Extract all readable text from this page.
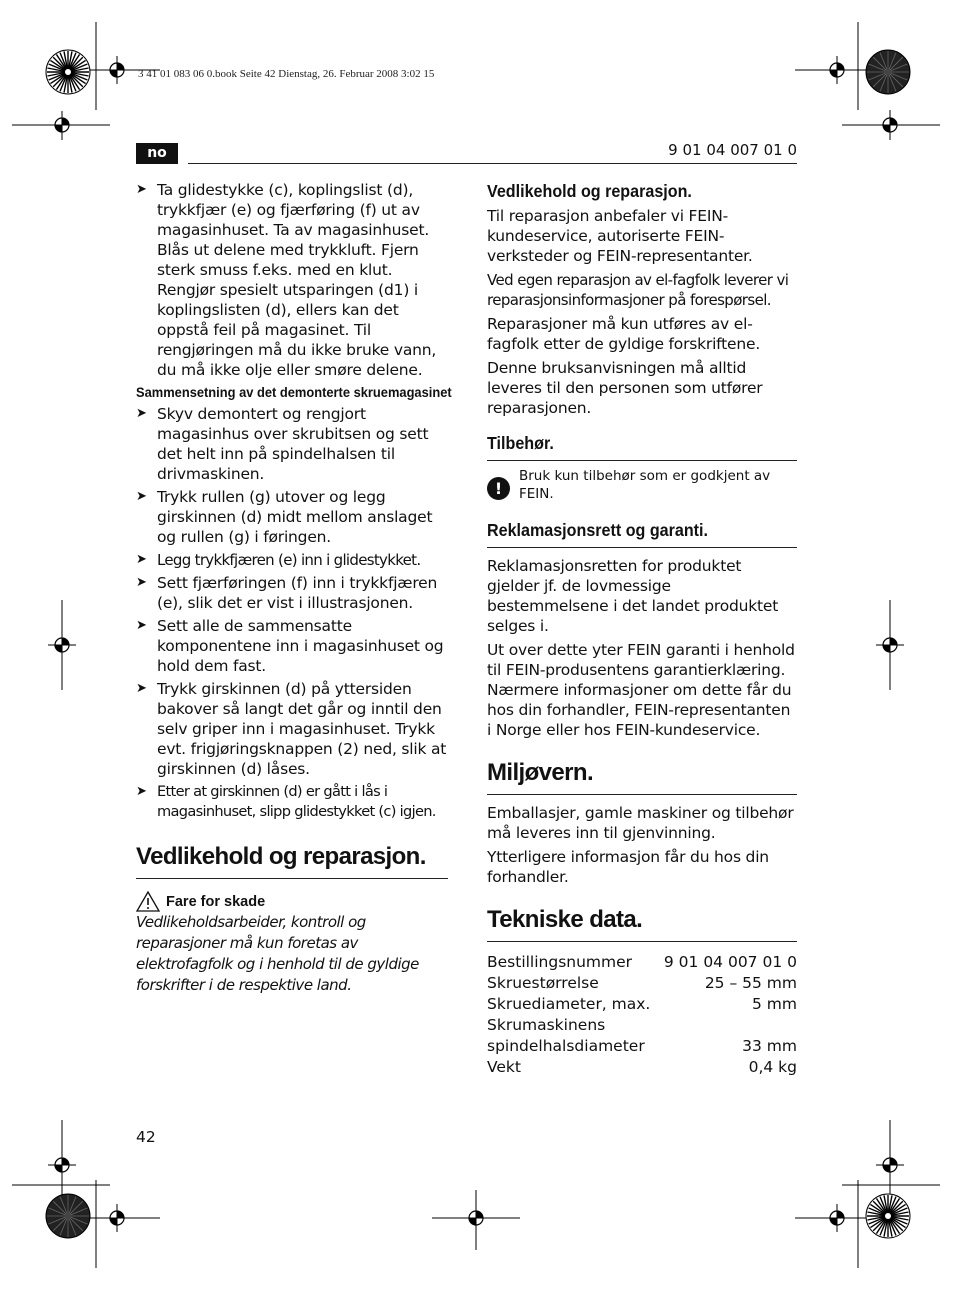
3 41 01 083 06 0.book Seite 42 Dienstag, 26. Februar 2008 3:02 15
no	9 01 04 007 01 0
➤ Ta glidestykke (c), koplingslist (d), trykkfjær (e) og fjærføring (f) ut av magasinhuset. Ta av magasinhuset. Blås ut delene med trykkluft. Fjern sterk smuss f.eks. med en klut. Rengjør spesielt utsparingen (d1) i koplingslisten (d), ellers kan det oppstå feil på magasinet. Til rengjøringen må du ikke bruke vann, du må ikke olje eller smøre delene.
Sammensetning av det demonterte skruemagasinet
➤ Skyv demontert og rengjort magasinhus over skrubitsen og sett det helt inn på spindelhalsen til drivmaskinen.
➤ Trykk rullen (g) utover og legg girskinnen (d) midt mellom anslaget og rullen (g) i føringen.
➤ Legg trykkfjæren (e) inn i glidestykket.
➤ Sett fjærføringen (f) inn i trykkfjæren (e), slik det er vist i illustrasjonen.
➤ Sett alle de sammensatte komponentene inn i magasinhuset og hold dem fast.
➤ Trykk girskinnen (d) på yttersiden bakover så langt det går og inntil den selv griper inn i magasinhuset. Trykk evt. frigjøringsknappen (2) ned, slik at girskinnen (d) låses.
➤ Etter at girskinnen (d) er gått i lås i magasinhuset, slipp glidestykket (c) igjen.
Vedlikehold og reparasjon.
Fare for skade

Vedlikeholdsarbeider, kontroll og reparasjoner må kun foretas av elektrofagfolk og i henhold til de gyldige forskrifter i de respektive land.

Vedlikehold og reparasjon.

Til reparasjon anbefaler vi FEIN-kundeservice, autoriserte FEIN-verksteder og FEIN-representanter.

Ved egen reparasjon av el-fagfolk leverer vi reparasjonsinformasjoner på forespørsel.

Reparasjoner må kun utføres av el-fagfolk etter de gyldige forskriftene.

Denne bruksanvisningen må alltid leveres til den personen som utfører reparasjonen.

Tilbehør.
!
Bruk kun tilbehør som er godkjent av FEIN.
Reklamasjonsrett og garanti.

Reklamasjonsretten for produktet gjelder jf. de lovmessige bestemmelsene i det landet produktet selges i.

Ut over dette yter FEIN garanti i henhold til FEIN-produsentens garantierklæring. Nærmere informasjoner om dette får du hos din forhandler, FEIN-representanten i Norge eller hos FEIN-kundeservice.

Miljøvern.

Emballasjer, gamle maskiner og tilbehør må leveres inn til gjenvinning.

Ytterligere informasjon får du hos din forhandler.

Tekniske data.
Bestillingsnummer	9 01 04 007 01 0
Skruestørrelse	25 – 55 mm
Skruediameter, max.	5 mm
Skrumaskinens spindelhalsdiameter	33 mm
Vekt	0,4 kg
42
